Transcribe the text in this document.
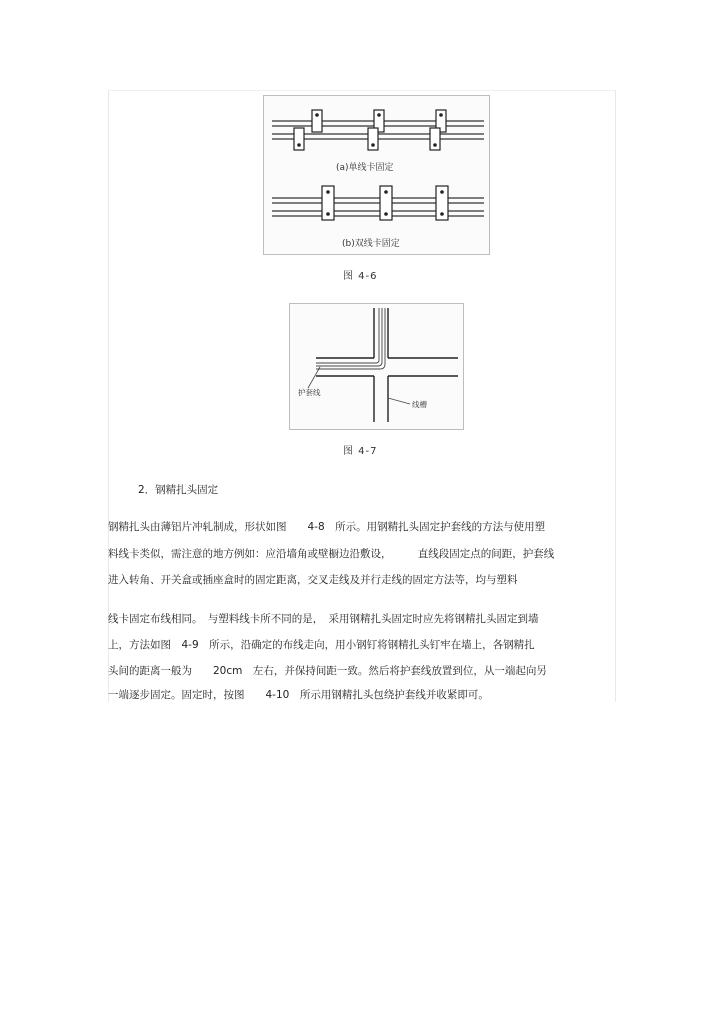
(a)单线卡固定
(b)双线卡固定
图 4-6
护套线
线槽
图 4-7
2．钢精扎头固定
钢精扎头由薄铝片冲轧制成，形状如图　　4-8　所示。用钢精扎头固定护套线的方法与使用塑
料线卡类似，需注意的地方例如：应沿墙角或壁橱边沿敷设，　　　直线段固定点的间距，护套线
进入转角、开关盒或插座盒时的固定距离，交叉走线及并行走线的固定方法等，均与塑料
线卡固定布线相同。　与塑料线卡所不同的是，　采用钢精扎头固定时应先将钢精扎头固定到墙
上，方法如图　4-9　所示，沿确定的布线走向，用小钢钉将钢精扎头钉牢在墙上，各钢精扎
头间的距离一般为　　20cm　左右，并保持间距一致。然后将护套线放置到位，从一端起向另
一端逐步固定。固定时，按图　　4-10　所示用钢精扎头包绕护套线并收紧即可。
